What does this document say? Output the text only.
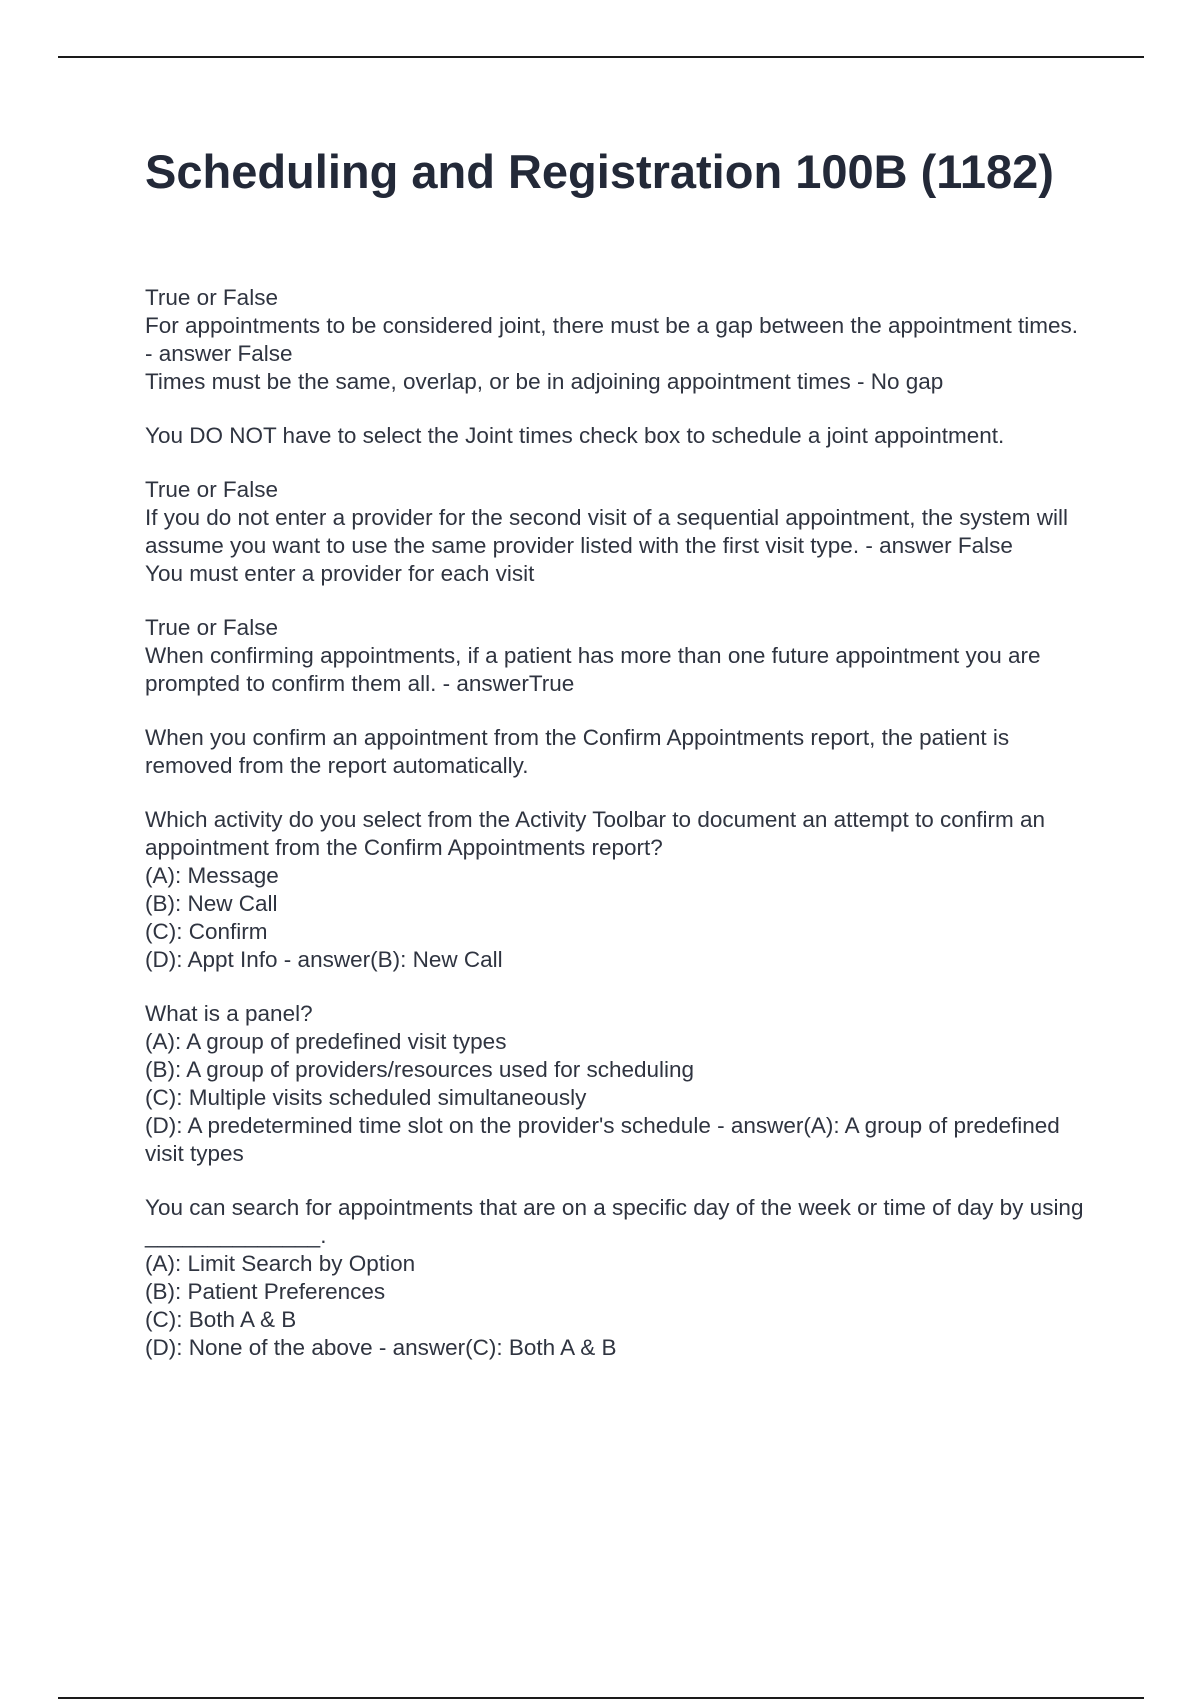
Scheduling and Registration 100B (1182)
True or False
For appointments to be considered joint, there must be a gap between the appointment times. - answer False
Times must be the same, overlap, or be in adjoining appointment times - No gap
You DO NOT have to select the Joint times check box to schedule a joint appointment.
True or False
If you do not enter a provider for the second visit of a sequential appointment, the system will assume you want to use the same provider listed with the first visit type. - answer False
You must enter a provider for each visit
True or False
When confirming appointments, if a patient has more than one future appointment you are prompted to confirm them all. - answerTrue
When you confirm an appointment from the Confirm Appointments report, the patient is removed from the report automatically.
Which activity do you select from the Activity Toolbar to document an attempt to confirm an appointment from the Confirm Appointments report?
(A): Message
(B): New Call
(C): Confirm
(D): Appt Info - answer(B): New Call
What is a panel?
(A): A group of predefined visit types
(B): A group of providers/resources used for scheduling
(C): Multiple visits scheduled simultaneously
(D): A predetermined time slot on the provider's schedule - answer(A): A group of predefined visit types
You can search for appointments that are on a specific day of the week or time of day by using ______________.
(A): Limit Search by Option
(B): Patient Preferences
(C): Both A & B
(D): None of the above - answer(C): Both A & B
